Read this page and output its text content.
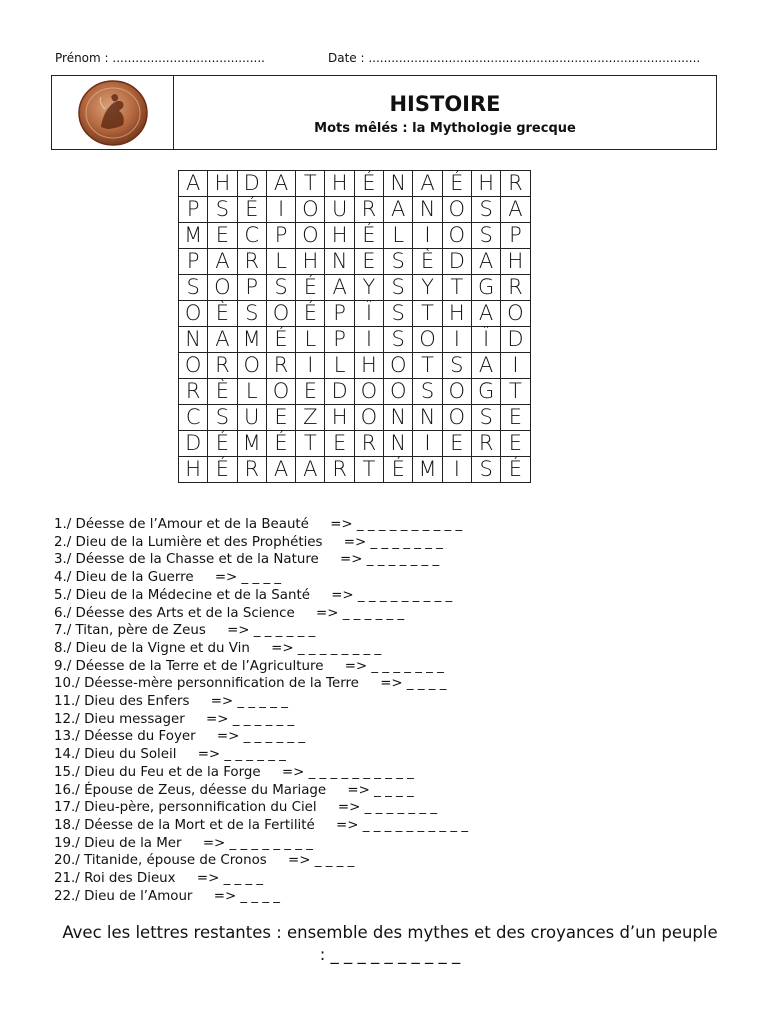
Prénom : ........................................	Date : .......................................................................................
HISTOIRE
Mots mêlés : la Mythologie grecque
A	H	D	A	T	H	É	N	A	É	H	R
P	S	É	I	O	U	R	A	N	O	S	A
M	E	C	P	O	H	É	L	I	O	S	P
P	A	R	L	H	N	E	S	È	D	A	H
S	O	P	S	É	A	Y	S	Y	T	G	R
O	È	S	O	É	P	Ï	S	T	H	A	O
N	A	M	É	L	P	I	S	O	I	Ï	D
O	R	O	R	I	L	H	O	T	S	A	I
R	È	L	O	E	D	O	O	S	O	G	T
C	S	U	E	Z	H	O	N	N	O	S	E
D	É	M	É	T	E	R	N	I	E	R	E
H	É	R	A	A	R	T	É	M	I	S	É
1./ Déesse de l’Amour et de la Beauté     => _ _ _ _ _ _ _ _ _ _
2./ Dieu de la Lumière et des Prophéties     => _ _ _ _ _ _ _
3./ Déesse de la Chasse et de la Nature     => _ _ _ _ _ _ _
4./ Dieu de la Guerre     => _ _ _ _
5./ Dieu de la Médecine et de la Santé     => _ _ _ _ _ _ _ _ _
6./ Déesse des Arts et de la Science     => _ _ _ _ _ _
7./ Titan, père de Zeus     => _ _ _ _ _ _
8./ Dieu de la Vigne et du Vin     => _ _ _ _ _ _ _ _
9./ Déesse de la Terre et de l’Agriculture     => _ _ _ _ _ _ _
10./ Déesse-mère personnification de la Terre     => _ _ _ _
11./ Dieu des Enfers     => _ _ _ _ _
12./ Dieu messager     => _ _ _ _ _ _
13./ Déesse du Foyer     => _ _ _ _ _ _
14./ Dieu du Soleil     => _ _ _ _ _ _
15./ Dieu du Feu et de la Forge     => _ _ _ _ _ _ _ _ _ _
16./ Épouse de Zeus, déesse du Mariage     => _ _ _ _
17./ Dieu-père, personnification du Ciel     => _ _ _ _ _ _ _
18./ Déesse de la Mort et de la Fertilité     => _ _ _ _ _ _ _ _ _ _
19./ Dieu de la Mer     => _ _ _ _ _ _ _ _
20./ Titanide, épouse de Cronos     => _ _ _ _
21./ Roi des Dieux     => _ _ _ _
22./ Dieu de l’Amour     => _ _ _ _
Avec les lettres restantes : ensemble des mythes et des croyances d’un peuple : _ _ _ _ _ _ _ _ _ _
